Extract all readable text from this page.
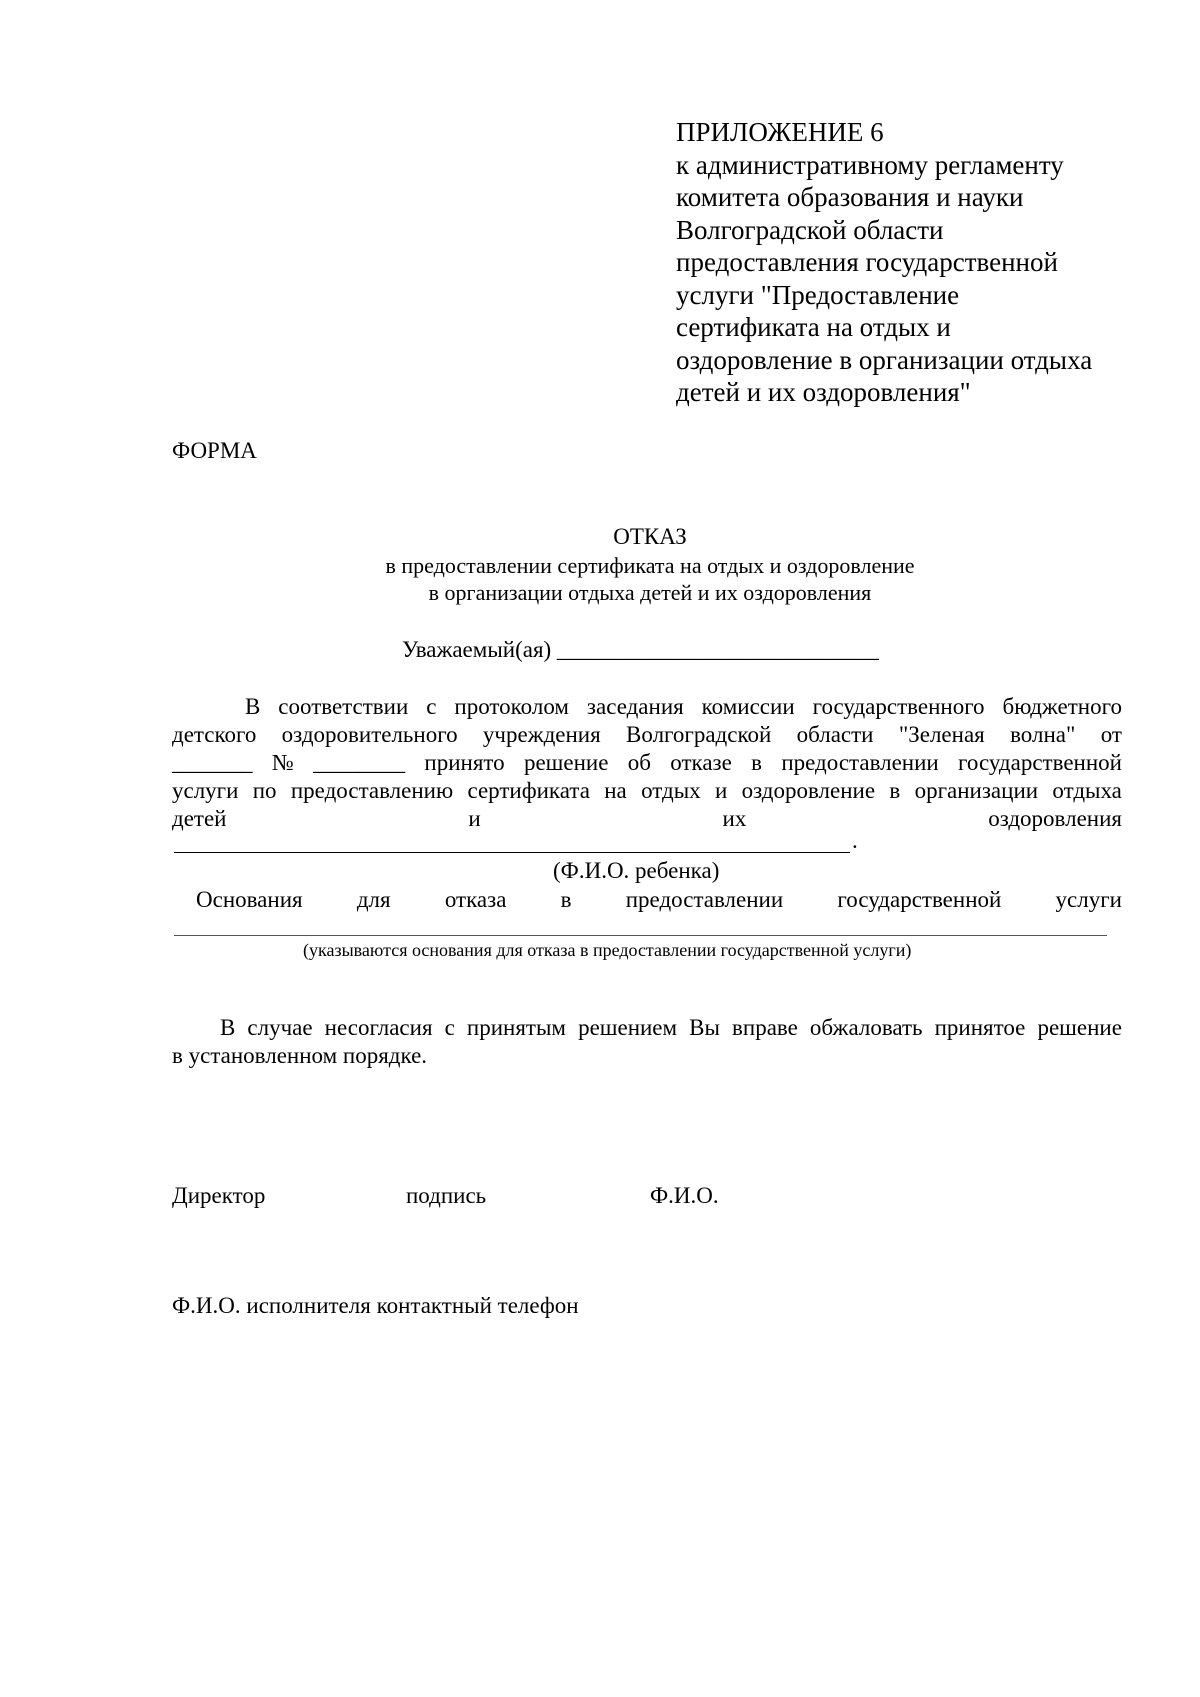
ПРИЛОЖЕНИЕ 6
к административному регламенту
комитета образования и науки
Волгоградской области
предоставления государственной
услуги "Предоставление
сертификата на отдых и
оздоровление в организации отдыха
детей и их оздоровления"
ФОРМА
ОТКАЗ
в предоставлении сертификата на отдых и оздоровление
в организации отдыха детей и их оздоровления
Уважаемый(ая) ____________________________
В соответствии с протоколом заседания комиссии государственного бюджетного
детского оздоровительного учреждения Волгоградской области "Зеленая волна" от
_______ № ________ принято решение об отказе в предоставлении государственной
услуги по предоставлению сертификата на отдых и оздоровление в организации отдыха
детей	и	их	оздоровления
.
(Ф.И.О. ребенка)
Основания для отказа в предоставлении государственной услуги
(указываются основания для отказа в предоставлении государственной услуги)
В случае несогласия с принятым решением Вы вправе обжаловать принятое решение
в установленном порядке.
Директор	подпись	Ф.И.О.
Ф.И.О. исполнителя контактный телефон
